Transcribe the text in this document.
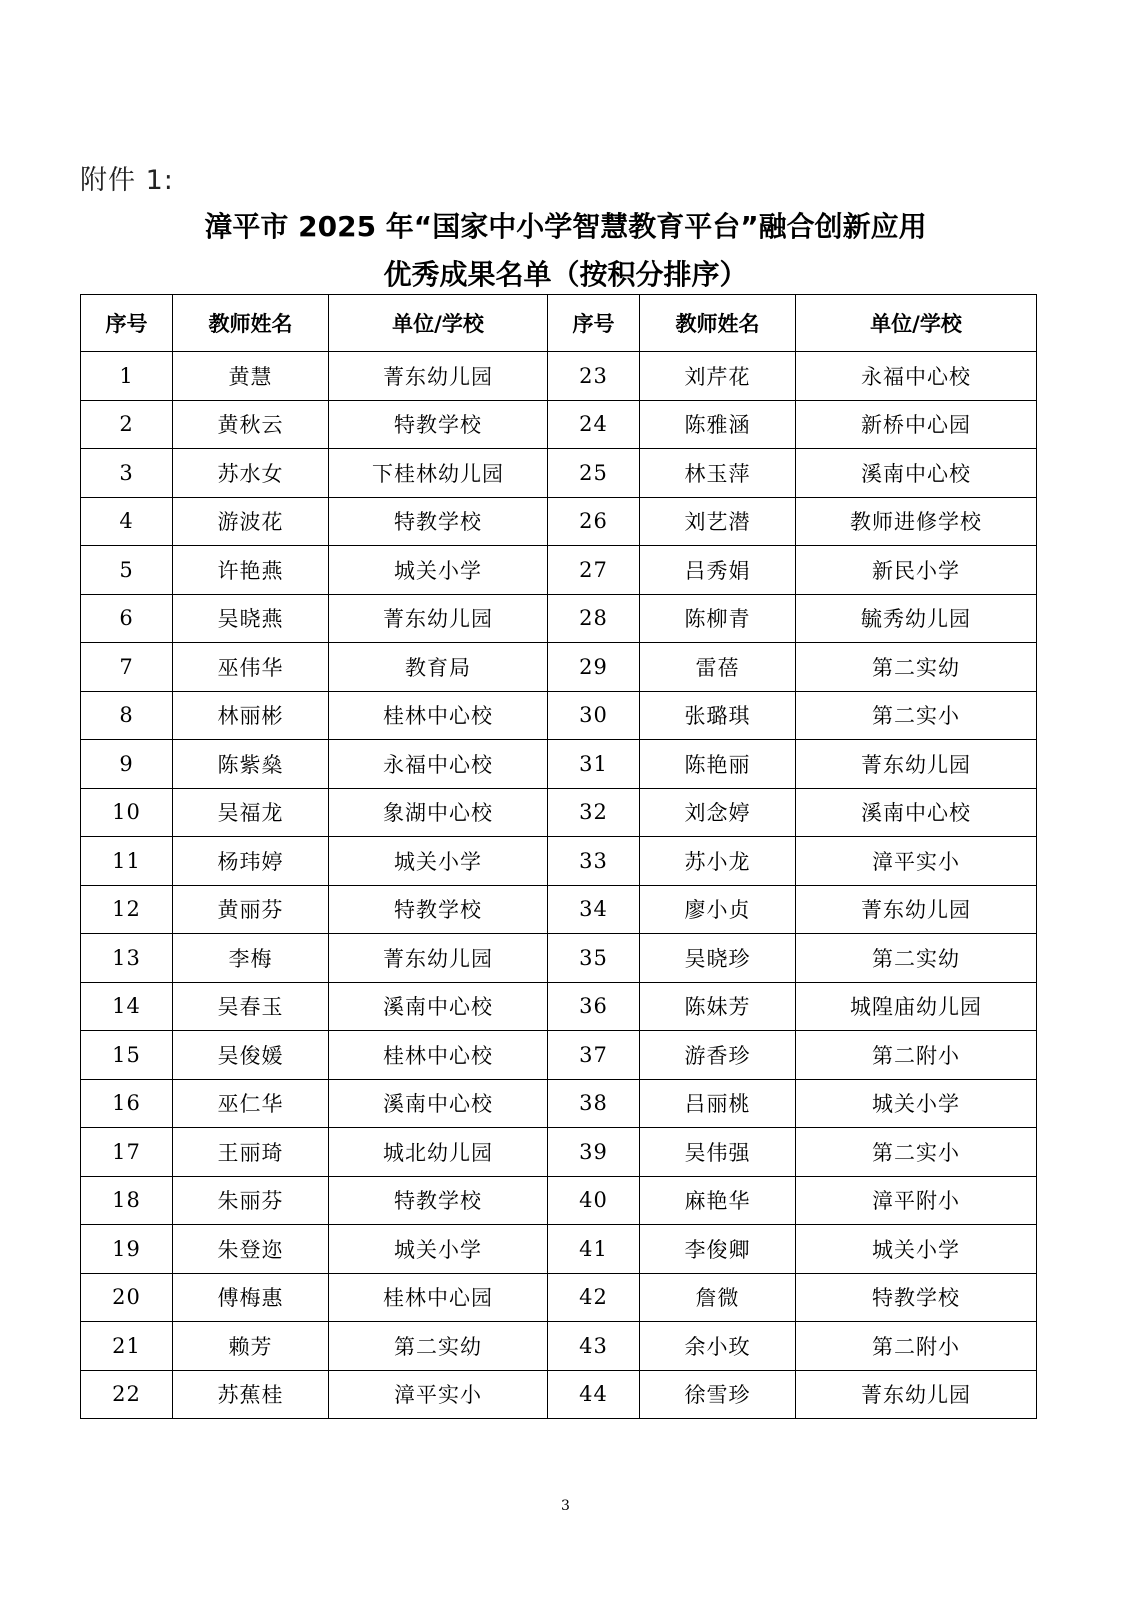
附件 1:
漳平市 2025 年“国家中小学智慧教育平台”融合创新应用
优秀成果名单（按积分排序）
序号	教师姓名	单位/学校	序号	教师姓名	单位/学校
1	黄慧	菁东幼儿园	23	刘芹花	永福中心校
2	黄秋云	特教学校	24	陈雅涵	新桥中心园
3	苏水女	下桂林幼儿园	25	林玉萍	溪南中心校
4	游波花	特教学校	26	刘艺潜	教师进修学校
5	许艳燕	城关小学	27	吕秀娟	新民小学
6	吴晓燕	菁东幼儿园	28	陈柳青	毓秀幼儿园
7	巫伟华	教育局	29	雷蓓	第二实幼
8	林丽彬	桂林中心校	30	张璐琪	第二实小
9	陈紫燊	永福中心校	31	陈艳丽	菁东幼儿园
10	吴福龙	象湖中心校	32	刘念婷	溪南中心校
11	杨玮婷	城关小学	33	苏小龙	漳平实小
12	黄丽芬	特教学校	34	廖小贞	菁东幼儿园
13	李梅	菁东幼儿园	35	吴晓珍	第二实幼
14	吴春玉	溪南中心校	36	陈妹芳	城隍庙幼儿园
15	吴俊媛	桂林中心校	37	游香珍	第二附小
16	巫仁华	溪南中心校	38	吕丽桃	城关小学
17	王丽琦	城北幼儿园	39	吴伟强	第二实小
18	朱丽芬	特教学校	40	麻艳华	漳平附小
19	朱登迩	城关小学	41	李俊卿	城关小学
20	傅梅惠	桂林中心园	42	詹微	特教学校
21	赖芳	第二实幼	43	余小玫	第二附小
22	苏蕉桂	漳平实小	44	徐雪珍	菁东幼儿园
3
